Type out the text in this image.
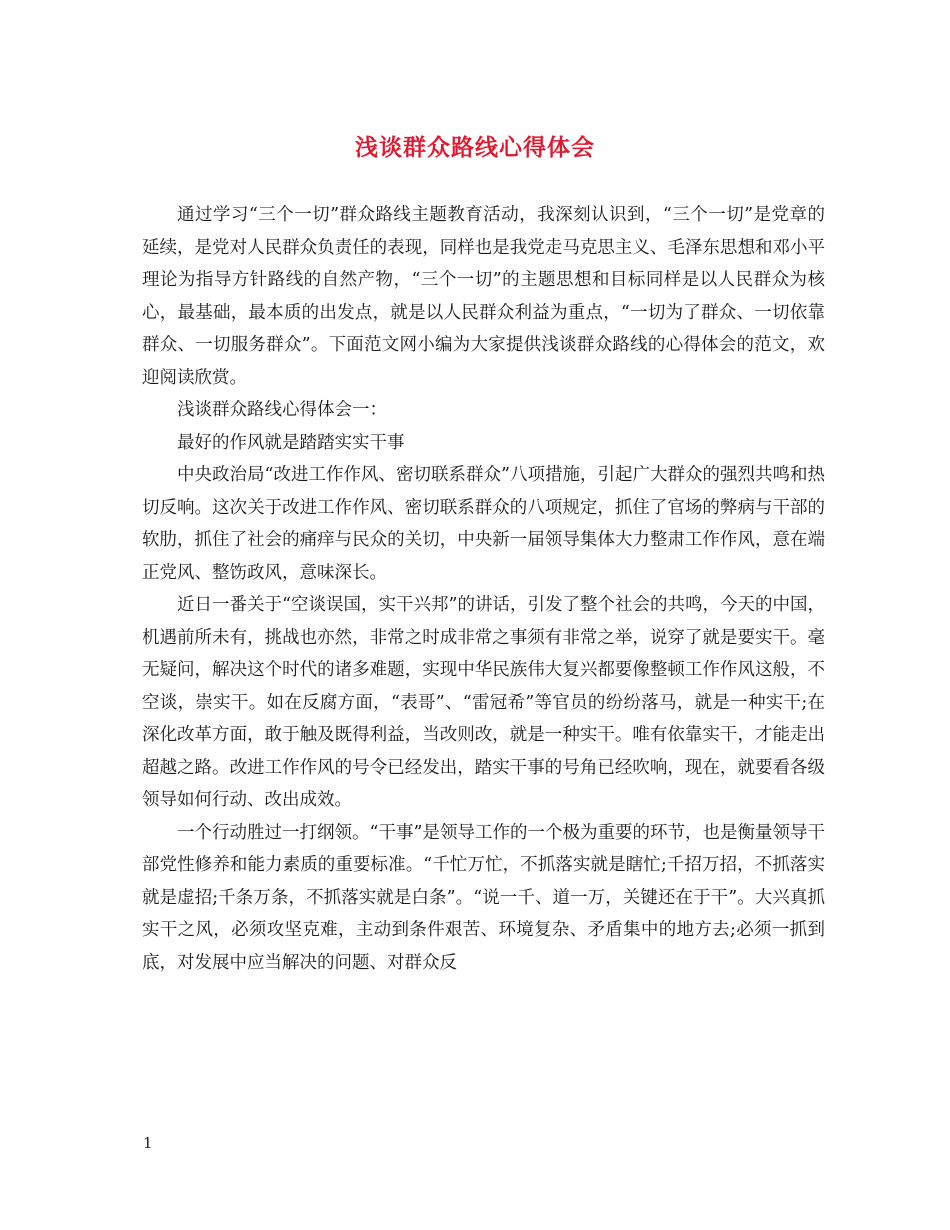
浅谈群众路线心得体会

通过学习“三个一切”群众路线主题教育活动，我深刻认识到，“三个一切”是党章的延续，是党对人民群众负责任的表现，同样也是我党走马克思主义、毛泽东思想和邓小平理论为指导方针路线的自然产物，“三个一切”的主题思想和目标同样是以人民群众为核心，最基础，最本质的出发点，就是以人民群众利益为重点，“一切为了群众、一切依靠群众、一切服务群众”。下面范文网小编为大家提供浅谈群众路线的心得体会的范文，欢迎阅读欣赏。

浅谈群众路线心得体会一：

最好的作风就是踏踏实实干事

中央政治局“改进工作作风、密切联系群众”八项措施，引起广大群众的强烈共鸣和热切反响。这次关于改进工作作风、密切联系群众的八项规定，抓住了官场的弊病与干部的软肋，抓住了社会的痛痒与民众的关切，中央新一届领导集体大力整肃工作作风，意在端正党风、整饬政风，意味深长。

近日一番关于“空谈误国，实干兴邦”的讲话，引发了整个社会的共鸣，今天的中国，机遇前所未有，挑战也亦然，非常之时成非常之事须有非常之举，说穿了就是要实干。毫无疑问，解决这个时代的诸多难题，实现中华民族伟大复兴都要像整顿工作作风这般，不空谈，崇实干。如在反腐方面，“表哥”、“雷冠希”等官员的纷纷落马，就是一种实干;在深化改革方面，敢于触及既得利益，当改则改，就是一种实干。唯有依靠实干，才能走出超越之路。改进工作作风的号令已经发出，踏实干事的号角已经吹响，现在，就要看各级领导如何行动、改出成效。

一个行动胜过一打纲领。“干事”是领导工作的一个极为重要的环节，也是衡量领导干部党性修养和能力素质的重要标准。“千忙万忙，不抓落实就是瞎忙;千招万招，不抓落实就是虚招;千条万条，不抓落实就是白条”。“说一千、道一万，关键还在于干”。大兴真抓实干之风，必须攻坚克难，主动到条件艰苦、环境复杂、矛盾集中的地方去;必须一抓到底，对发展中应当解决的问题、对群众反

1
